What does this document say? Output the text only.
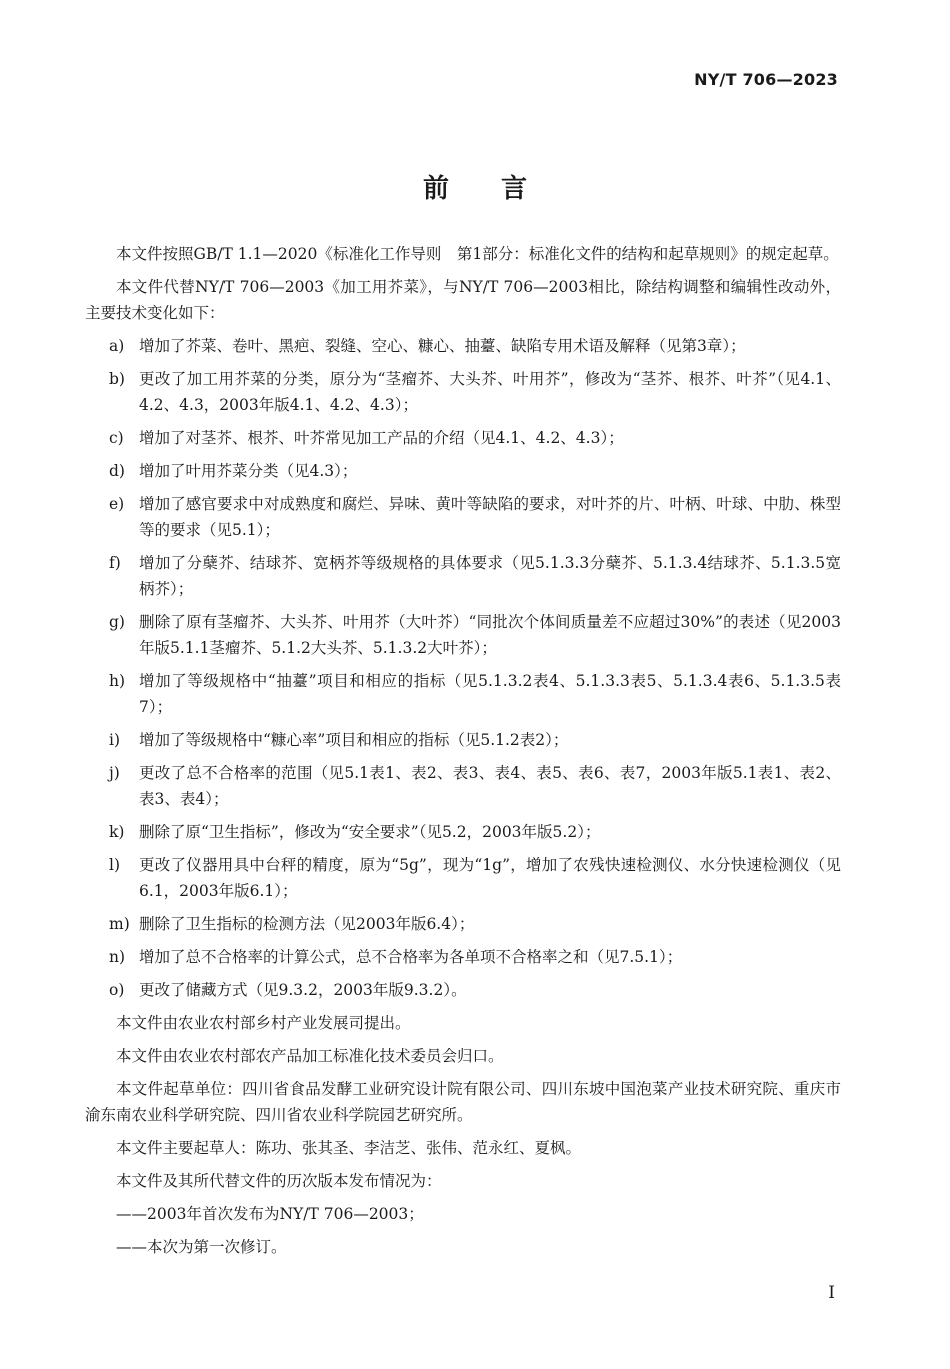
NY/T 706—2023
前言

本文件按照GB/T 1.1—2020《标准化工作导则　第1部分：标准化文件的结构和起草规则》的规定起草。

本文件代替NY/T 706—2003《加工用芥菜》，与NY/T 706—2003相比，除结构调整和编辑性改动外，主要技术变化如下：

a) 增加了芥菜、卷叶、黑疤、裂缝、空心、糠心、抽薹、缺陷专用术语及解释（见第3章）；
b) 更改了加工用芥菜的分类，原分为“茎瘤芥、大头芥、叶用芥”，修改为“茎芥、根芥、叶芥”（见4.1、4.2、4.3，2003年版4.1、4.2、4.3）；
c) 增加了对茎芥、根芥、叶芥常见加工产品的介绍（见4.1、4.2、4.3）；
d) 增加了叶用芥菜分类（见4.3）；
e) 增加了感官要求中对成熟度和腐烂、异味、黄叶等缺陷的要求，对叶芥的片、叶柄、叶球、中肋、株型等的要求（见5.1）；
f) 增加了分蘖芥、结球芥、宽柄芥等级规格的具体要求（见5.1.3.3分蘖芥、5.1.3.4结球芥、5.1.3.5宽柄芥）；
g) 删除了原有茎瘤芥、大头芥、叶用芥（大叶芥）“同批次个体间质量差不应超过30%”的表述（见2003年版5.1.1茎瘤芥、5.1.2大头芥、5.1.3.2大叶芥）；
h) 增加了等级规格中“抽薹”项目和相应的指标（见5.1.3.2表4、5.1.3.3表5、5.1.3.4表6、5.1.3.5表7）；
i) 增加了等级规格中“糠心率”项目和相应的指标（见5.1.2表2）；
j) 更改了总不合格率的范围（见5.1表1、表2、表3、表4、表5、表6、表7，2003年版5.1表1、表2、表3、表4）；
k) 删除了原“卫生指标”，修改为“安全要求”（见5.2，2003年版5.2）；
l) 更改了仪器用具中台秤的精度，原为“5g”，现为“1g”，增加了农残快速检测仪、水分快速检测仪（见6.1，2003年版6.1）；
m) 删除了卫生指标的检测方法（见2003年版6.4）；
n) 增加了总不合格率的计算公式，总不合格率为各单项不合格率之和（见7.5.1）；
o) 更改了储藏方式（见9.3.2，2003年版9.3.2）。

本文件由农业农村部乡村产业发展司提出。

本文件由农业农村部农产品加工标准化技术委员会归口。

本文件起草单位：四川省食品发酵工业研究设计院有限公司、四川东坡中国泡菜产业技术研究院、重庆市渝东南农业科学研究院、四川省农业科学院园艺研究所。

本文件主要起草人：陈功、张其圣、李洁芝、张伟、范永红、夏枫。

本文件及其所代替文件的历次版本发布情况为：

——2003年首次发布为NY/T 706—2003；

——本次为第一次修订。

I
